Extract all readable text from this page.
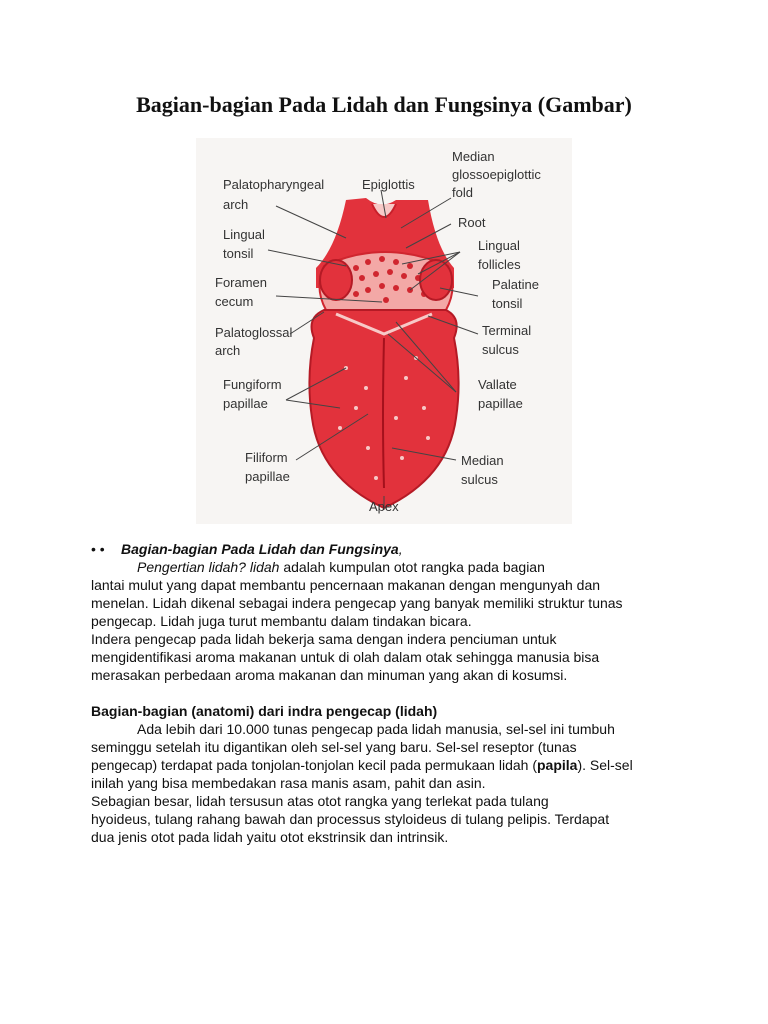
Bagian-bagian Pada Lidah dan Fungsinya (Gambar)
Palatopharyngeal arch
Epiglottis
Median glossoepiglottic fold
Root
Lingual tonsil
Lingual follicles
Foramen cecum
Palatine tonsil
Palatoglossal arch
Terminal sulcus
Fungiform papillae
Vallate papillae
Filiform papillae
Median sulcus
Apex
• • Bagian-bagian Pada Lidah dan Fungsinya,
Pengertian lidah? lidah adalah kumpulan otot rangka pada bagian
lantai mulut yang dapat membantu pencernaan makanan dengan mengunyah dan
menelan. Lidah dikenal sebagai indera pengecap yang banyak memiliki struktur tunas
pengecap. Lidah juga turut membantu dalam tindakan bicara.
Indera pengecap pada lidah bekerja sama dengan indera penciuman untuk
mengidentifikasi aroma makanan untuk di olah dalam otak sehingga manusia bisa
merasakan perbedaan aroma makanan dan minuman yang akan di kosumsi.
Bagian-bagian (anatomi) dari indra pengecap (lidah)
Ada lebih dari 10.000 tunas pengecap pada lidah manusia, sel-sel ini tumbuh
seminggu setelah itu digantikan oleh sel-sel yang baru. Sel-sel reseptor (tunas
pengecap) terdapat pada tonjolan-tonjolan kecil pada permukaan lidah (papila). Sel-sel
inilah yang bisa membedakan rasa manis asam, pahit dan asin.
Sebagian besar, lidah tersusun atas otot rangka yang terlekat pada tulang
hyoideus, tulang rahang bawah dan processus styloideus di tulang pelipis. Terdapat
dua jenis otot pada lidah yaitu otot ekstrinsik dan intrinsik.
